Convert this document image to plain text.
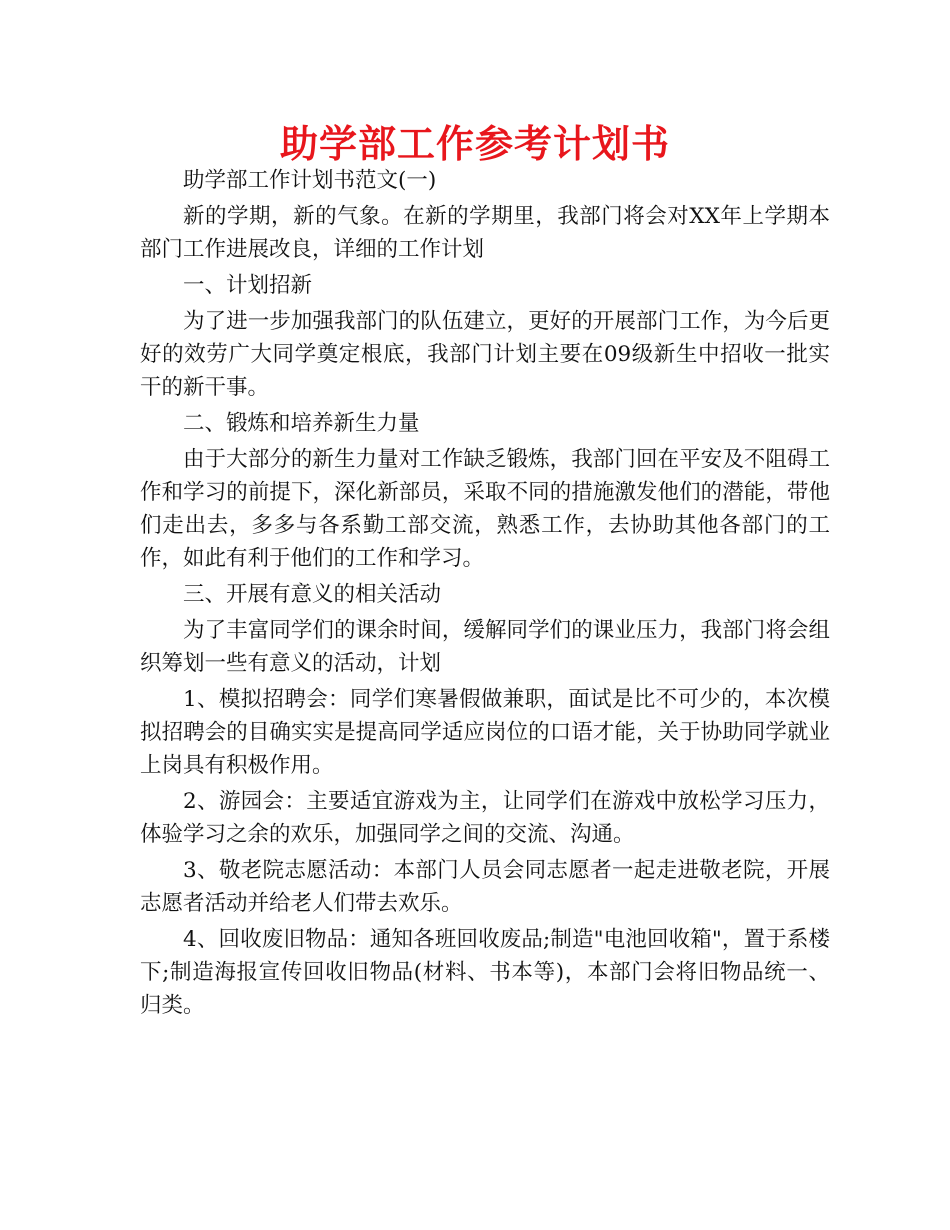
助学部工作参考计划书

助学部工作计划书范文(一)

新的学期，新的气象。在新的学期里，我部门将会对XX年上学期本部门工作进展改良，详细的工作计划

一、计划招新

为了进一步加强我部门的队伍建立，更好的开展部门工作，为今后更好的效劳广大同学奠定根底，我部门计划主要在09级新生中招收一批实干的新干事。

二、锻炼和培养新生力量

由于大部分的新生力量对工作缺乏锻炼，我部门回在平安及不阻碍工作和学习的前提下，深化新部员，采取不同的措施激发他们的潜能，带他们走出去，多多与各系勤工部交流，熟悉工作，去协助其他各部门的工作，如此有利于他们的工作和学习。

三、开展有意义的相关活动

为了丰富同学们的课余时间，缓解同学们的课业压力，我部门将会组织筹划一些有意义的活动，计划

1、模拟招聘会：同学们寒暑假做兼职，面试是比不可少的，本次模拟招聘会的目确实实是提高同学适应岗位的口语才能，关于协助同学就业上岗具有积极作用。

2、游园会：主要适宜游戏为主，让同学们在游戏中放松学习压力，体验学习之余的欢乐，加强同学之间的交流、沟通。

3、敬老院志愿活动：本部门人员会同志愿者一起走进敬老院，开展志愿者活动并给老人们带去欢乐。

4、回收废旧物品：通知各班回收废品;制造"电池回收箱"，置于系楼下;制造海报宣传回收旧物品(材料、书本等)，本部门会将旧物品统一、归类。
